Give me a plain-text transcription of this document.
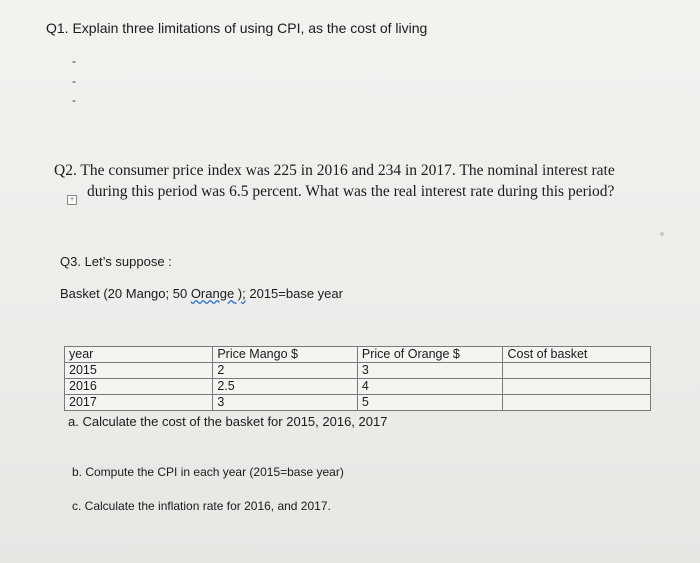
Q1. Explain three limitations of using CPI, as the cost of living
-
-
-
Q2. The consumer price index was 225 in 2016 and 234 in 2017. The nominal interest rate
during this period was 6.5 percent. What was the real interest rate during this period?
+
Q3. Let’s suppose :
Basket (20 Mango; 50 Orange ); 2015=base year
year	Price Mango $	Price of Orange $	Cost of basket
2015	2	3	
2016	2.5	4	
2017	3	5	
a. Calculate the cost of the basket for 2015, 2016, 2017
b. Compute the CPI in each year (2015=base year)
c. Calculate the inflation rate for 2016, and 2017.
